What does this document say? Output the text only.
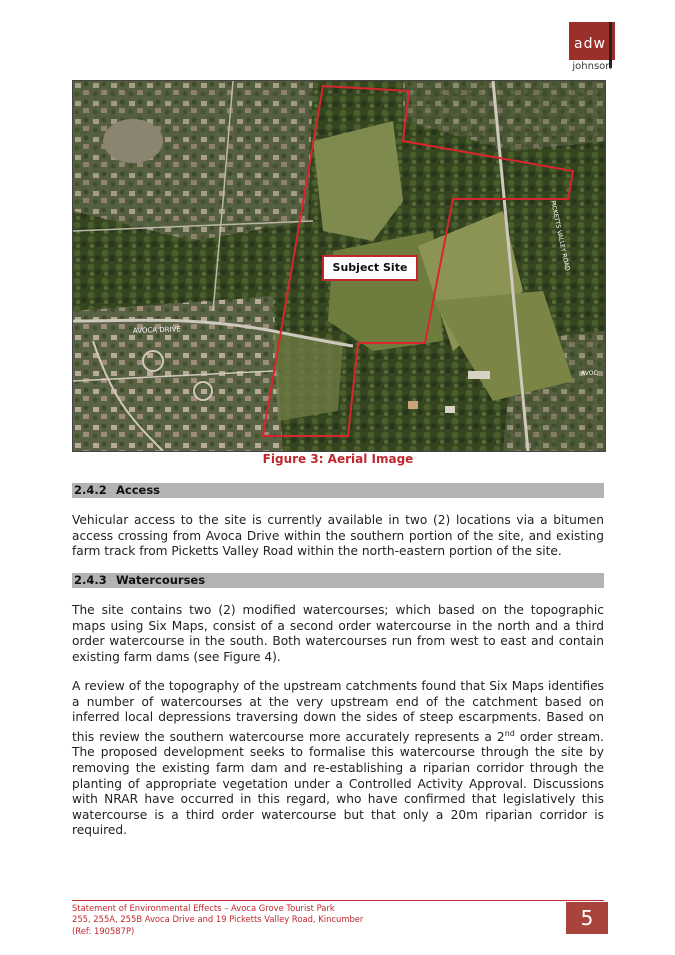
adw
johnson
AVOCA DRIVE
PICKETTS VALLEY ROAD
AVOC
Subject Site
Figure 3: Aerial Image
2.4.2 Access
Vehicular access to the site is currently available in two (2) locations via a bitumen access crossing from Avoca Drive within the southern portion of the site, and existing farm track from Picketts Valley Road within the north-eastern portion of the site.
2.4.3 Watercourses
The site contains two (2) modified watercourses; which based on the topographic maps using Six Maps, consist of a second order watercourse in the north and a third order watercourse in the south. Both watercourses run from west to east and contain existing farm dams (see Figure 4).
A review of the topography of the upstream catchments found that Six Maps identifies a number of watercourses at the very upstream end of the catchment based on inferred local depressions traversing down the sides of steep escarpments. Based on this review the southern watercourse more accurately represents a 2nd order stream. The proposed development seeks to formalise this watercourse through the site by removing the existing farm dam and re-establishing a riparian corridor through the planting of appropriate vegetation under a Controlled Activity Approval. Discussions with NRAR have occurred in this regard, who have confirmed that legislatively this watercourse is a third order watercourse but that only a 20m riparian corridor is required.
Statement of Environmental Effects – Avoca Grove Tourist Park
255, 255A, 255B Avoca Drive and 19 Picketts Valley Road, Kincumber
(Ref: 190587P)
5
